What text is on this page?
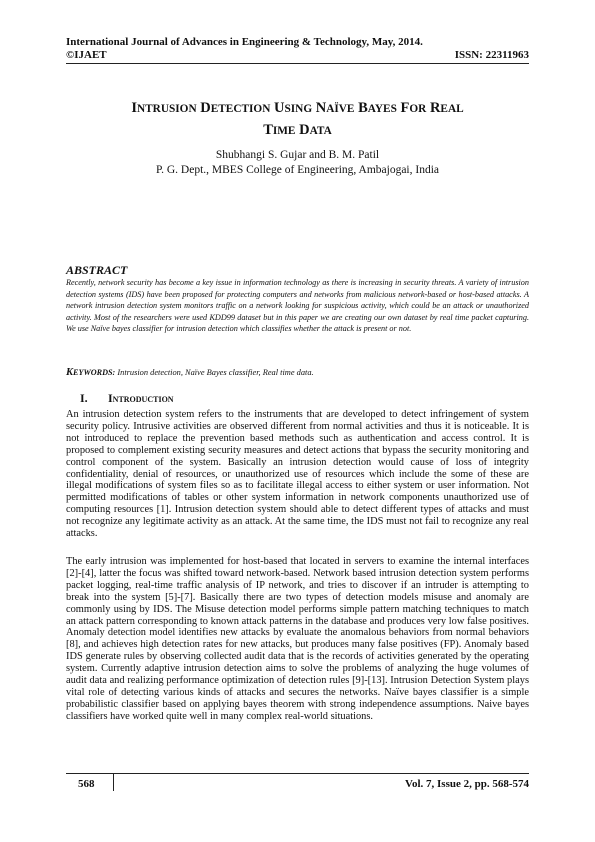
International Journal of Advances in Engineering & Technology, May, 2014.
©IJAET	ISSN: 22311963
INTRUSION DETECTION USING NAÏVE BAYES FOR REAL
TIME DATA
Shubhangi S. Gujar and B. M. Patil
P. G. Dept., MBES College of Engineering, Ambajogai, India
ABSTRACT
Recently, network security has become a key issue in information technology as there is increasing in security threats. A variety of intrusion detection systems (IDS) have been proposed for protecting computers and networks from malicious network-based or host-based attacks. A network intrusion detection system monitors traffic on a network looking for suspicious activity, which could be an attack or unauthorized activity. Most of the researchers were used KDD99 dataset but in this paper we are creating our own dataset by real time packet capturing. We use Naïve bayes classifier for intrusion detection which classifies whether the attack is present or not.
KEYWORDS: Intrusion detection, Naïve Bayes classifier, Real time data.
I. Introduction

An intrusion detection system refers to the instruments that are developed to detect infringement of system security policy. Intrusive activities are observed different from normal activities and thus it is noticeable. It is not introduced to replace the prevention based methods such as authentication and access control. It is proposed to complement existing security measures and detect actions that bypass the security monitoring and control component of the system. Basically an intrusion detection would cause of loss of integrity confidentiality, denial of resources, or unauthorized use of resources which include the some of these are illegal modifications of system files so as to facilitate illegal access to either system or user information. Not permitted modifications of tables or other system information in network components unauthorized use of computing resources [1]. Intrusion detection system should able to detect different types of attacks and must not recognize any legitimate activity as an attack. At the same time, the IDS must not fail to recognize any real attacks.

The early intrusion was implemented for host-based that located in servers to examine the internal interfaces [2]-[4], latter the focus was shifted toward network-based. Network based intrusion detection system performs packet logging, real-time traffic analysis of IP network, and tries to discover if an intruder is attempting to break into the system [5]-[7]. Basically there are two types of detection models misuse and anomaly are commonly using by IDS. The Misuse detection model performs simple pattern matching techniques to match an attack pattern corresponding to known attack patterns in the database and produces very low false positives. Anomaly detection model identifies new attacks by evaluate the anomalous behaviors from normal behaviors [8], and achieves high detection rates for new attacks, but produces many false positives (FP). Anomaly based IDS generate rules by observing collected audit data that is the records of activities generated by the operating system. Currently adaptive intrusion detection aims to solve the problems of analyzing the huge volumes of audit data and realizing performance optimization of detection rules [9]-[13]. Intrusion Detection System plays vital role of detecting various kinds of attacks and secures the networks. Naïve bayes classifier is a simple probabilistic classifier based on applying bayes theorem with strong independence assumptions. Naive bayes classifiers have worked quite well in many complex real-world situations.

568	Vol. 7, Issue 2, pp. 568-574
